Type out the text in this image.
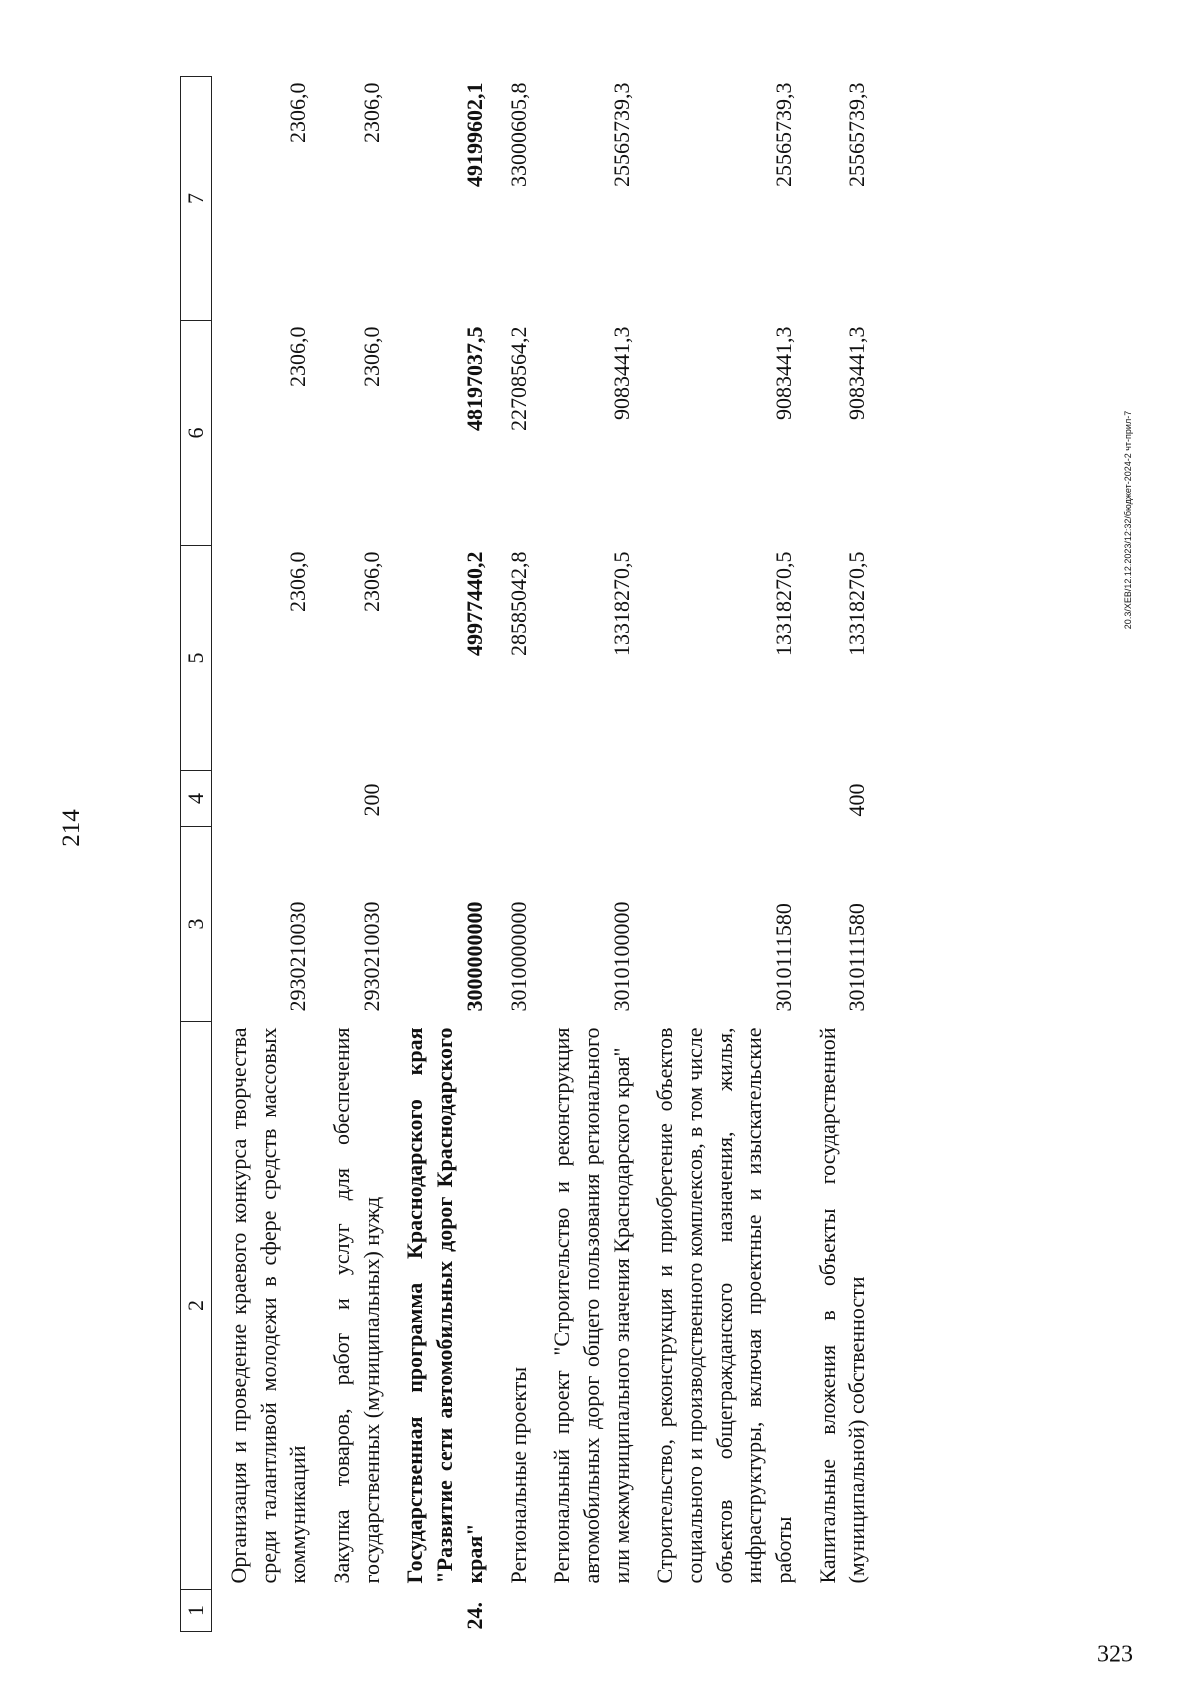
214
1	2	3	4	5	6	7
	Организация и проведение краевого конкурса творчества среди талантливой молодежи в сфере средств массовых коммуникаций	2930210030		2306,0	2306,0	2306,0
	Закупка товаров, работ и услуг для обеспечения государственных (муниципальных) нужд	2930210030	200	2306,0	2306,0	2306,0
24.	Государственная программа Краснодарского края "Развитие сети автомобильных дорог Краснодарского края"	3000000000		49977440,2	48197037,5	49199602,1
	Региональные проекты	3010000000		28585042,8	22708564,2	33000605,8
	Региональный проект "Строительство и реконструкция автомобильных дорог общего пользования регионального или межмуниципального значения Краснодарского края"	3010100000		13318270,5	9083441,3	25565739,3
	Строительство, реконструкция и приобретение объектов социального и производственного комплексов, в том числе объектов общегражданского назначения, жилья, инфраструктуры, включая проектные и изыскательские работы	3010111580		13318270,5	9083441,3	25565739,3
	Капитальные вложения в объекты государственной (муниципальной) собственности	3010111580	400	13318270,5	9083441,3	25565739,3
20.3/ХЕВ/12.12.2023/12:32/бюджет-2024-2 чт-прил-7
323
